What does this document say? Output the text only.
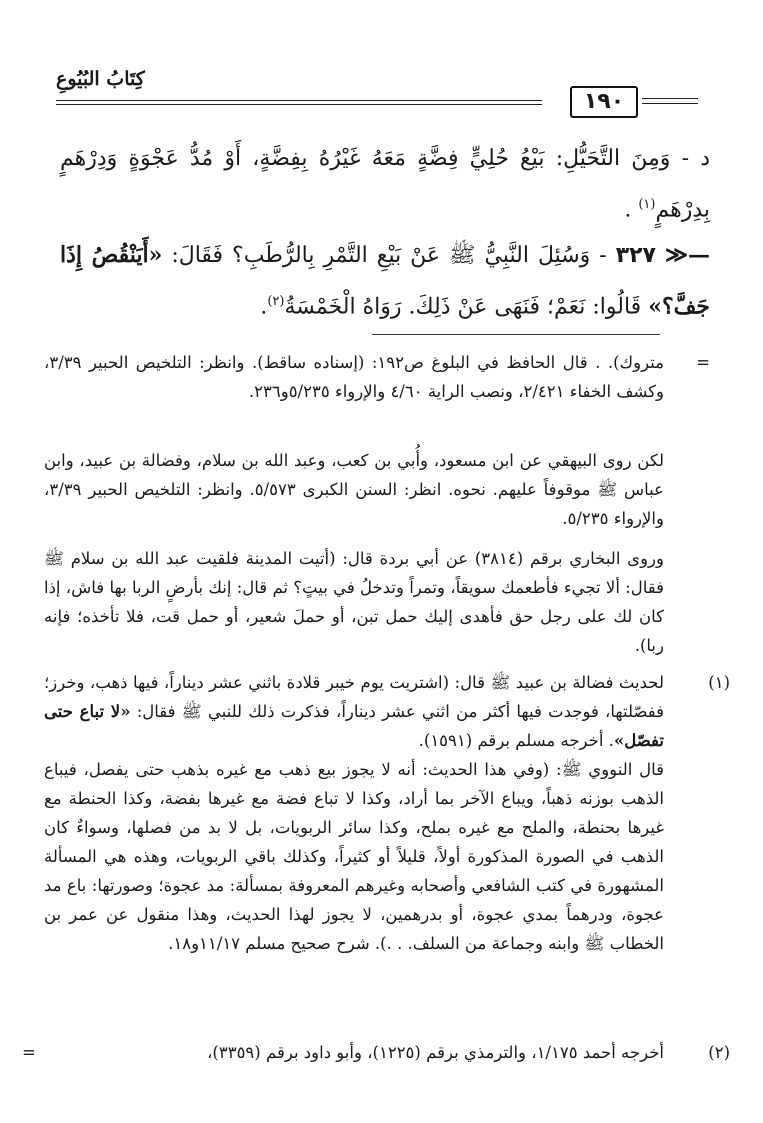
كِتَابُ البُيُوعِ
١٩٠
د - وَمِنَ التَّحَيُّلِ: بَيْعُ حُلِيٍّ فِضَّةٍ مَعَهُ غَيْرُهُ بِفِضَّةٍ، أَوْ مُدُّ عَجْوَةٍ وَدِرْهَمٍ بِدِرْهَمٍ$^{(١)}$ .
—≪ ٣٢٧ - وَسُئِلَ النَّبِيُّ ﷺ عَنْ بَيْعِ التَّمْرِ بِالرُّطَبِ؟ فَقَالَ: «أَيَنْقُصُ إِذَا جَفَّ؟» قَالُوا: نَعَمْ؛ فَنَهَى عَنْ ذَلِكَ. رَوَاهُ الْخَمْسَةُ$^{(٢)}$.
=

متروك). . قال الحافظ في البلوغ ص١٩٢: (إسناده ساقط). وانظر: التلخيص الحبير ٣/٣٩، وكشف الخفاء ٢/٤٢١، ونصب الراية ٤/٦٠ والإرواء ٥/٢٣٥و٢٣٦.

لكن روى البيهقي عن ابن مسعود، وأُبي بن كعب، وعبد الله بن سلام، وفضالة بن عبيد، وابن عباس ﷺ موقوفاً عليهم. نحوه. انظر: السنن الكبرى ٥/٥٧٣. وانظر: التلخيص الحبير ٣/٣٩، والإرواء ٥/٢٣٥.

وروى البخاري برقم (٣٨١٤) عن أبي بردة قال: (أتيت المدينة فلقيت عبد الله بن سلام ﷺ فقال: ألا تجيء فأطعمك سويقاً، وتمراً وتدخلُ في بيتٍ؟ ثم قال: إنك بأرضٍ الربا بها فاش، إذا كان لك على رجل حق فأهدى إليك حمل تبن، أو حملَ شعير، أو حمل قت، فلا تأخذه؛ فإنه ربا).

(١)

لحديث فضالة بن عبيد ﷺ قال: (اشتريت يوم خيبر قلادة باثني عشر ديناراً، فيها ذهب، وخرز؛ ففصّلتها، فوجدت فيها أكثر من اثني عشر ديناراً، فذكرت ذلك للنبي ﷺ فقال: «لا تباع حتى تفصّل». أخرجه مسلم برقم (١٥٩١).

قال النووي ﷺ: (وفي هذا الحديث: أنه لا يجوز بيع ذهب مع غيره بذهب حتى يفصل، فيباع الذهب بوزنه ذهباً، ويباع الآخر بما أراد، وكذا لا تباع فضة مع غيرها بفضة، وكذا الحنطة مع غيرها بحنطة، والملح مع غيره بملح، وكذا سائر الربويات، بل لا بد من فصلها، وسواءٌ كان الذهب في الصورة المذكورة أولاً، قليلاً أو كثيراً، وكذلك باقي الربويات، وهذه هي المسألة المشهورة في كتب الشافعي وأصحابه وغيرهم المعروفة بمسألة: مد عجوة؛ وصورتها: باع مد عجوة، ودرهماً بمدي عجوة، أو بدرهمين، لا يجوز لهذا الحديث، وهذا منقول عن عمر بن الخطاب ﷺ وابنه وجماعة من السلف. . .). شرح صحيح مسلم ١١/١٧و١٨.

(٢)

أخرجه أحمد ١/١٧٥، والترمذي برقم (١٢٢٥)، وأبو داود برقم (٣٣٥٩)،

=
